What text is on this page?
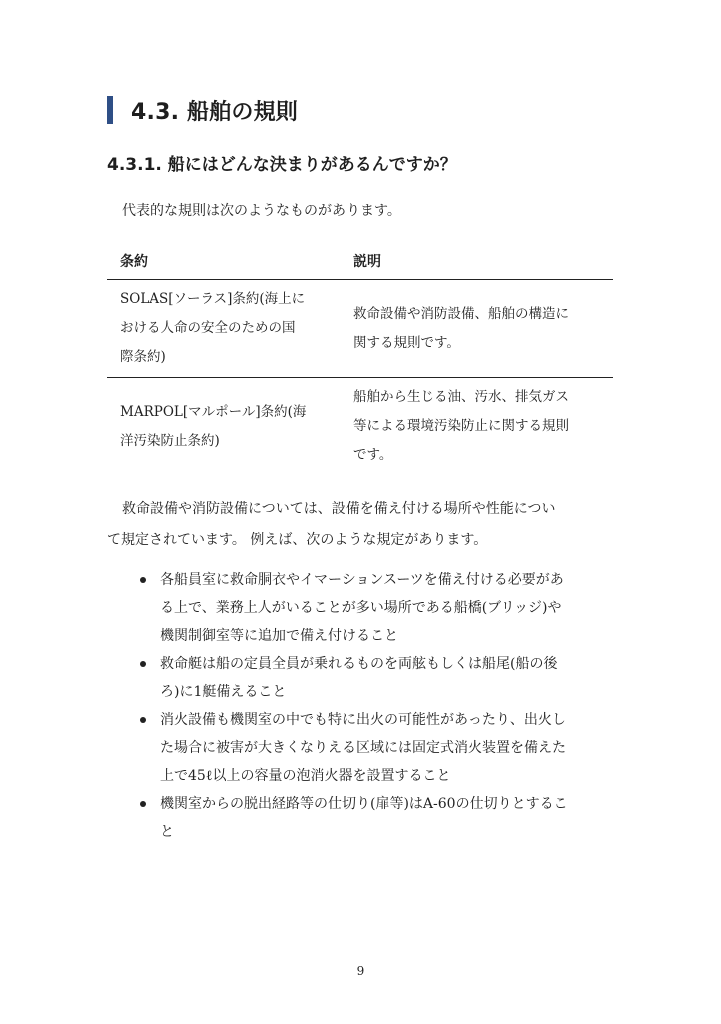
4.3. 船舶の規則
4.3.1. 船にはどんな決まりがあるんですか？
代表的な規則は次のようなものがあります。
条約	説明
SOLAS[ソーラス]条約(海上に
おける人命の安全のための国
際条約)
救命設備や消防設備、船舶の構造に
関する規則です。
MARPOL[マルポール]条約(海
洋汚染防止条約)
船舶から生じる油、汚水、排気ガス
等による環境汚染防止に関する規則
です。
救命設備や消防設備については、設備を備え付ける場所や性能につい
て規定されています。 例えば、次のような規定があります。
各船員室に救命胴衣やイマーションスーツを備え付ける必要があ
る上で、業務上人がいることが多い場所である船橋(ブリッジ)や
機関制御室等に追加で備え付けること
救命艇は船の定員全員が乗れるものを両舷もしくは船尾(船の後
ろ)に1艇備えること
消火設備も機関室の中でも特に出火の可能性があったり、出火し
た場合に被害が大きくなりえる区域には固定式消火装置を備えた
上で45ℓ以上の容量の泡消火器を設置すること
機関室からの脱出経路等の仕切り(扉等)はA-60の仕切りとするこ
と
9
